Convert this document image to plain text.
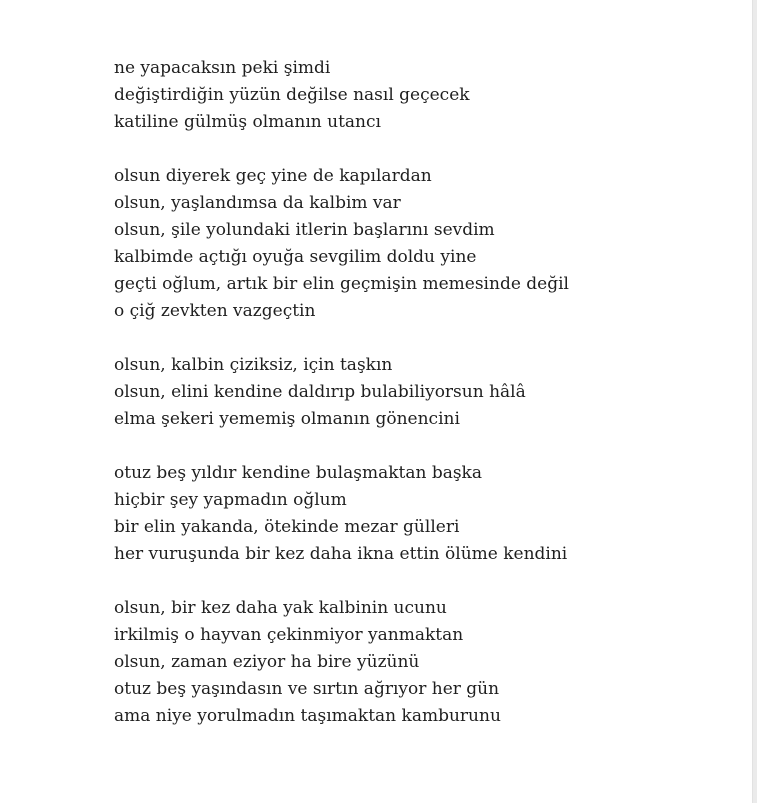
ne yapacaksın peki şimdi
değiştirdiğin yüzün değilse nasıl geçecek
katiline gülmüş olmanın utancı
olsun diyerek geç yine de kapılardan
olsun, yaşlandımsa da kalbim var
olsun, şile yolundaki itlerin başlarını sevdim
kalbimde açtığı oyuğa sevgilim doldu yine
geçti oğlum, artık bir elin geçmişin memesinde değil
o çiğ zevkten vazgeçtin
olsun, kalbin çiziksiz, için taşkın
olsun, elini kendine daldırıp bulabiliyorsun hâlâ
elma şekeri yememiş olmanın gönencini
otuz beş yıldır kendine bulaşmaktan başka
hiçbir şey yapmadın oğlum
bir elin yakanda, ötekinde mezar gülleri
her vuruşunda bir kez daha ikna ettin ölüme kendini
olsun, bir kez daha yak kalbinin ucunu
irkilmiş o hayvan çekinmiyor yanmaktan
olsun, zaman eziyor ha bire yüzünü
otuz beş yaşındasın ve sırtın ağrıyor her gün
ama niye yorulmadın taşımaktan kamburunu
